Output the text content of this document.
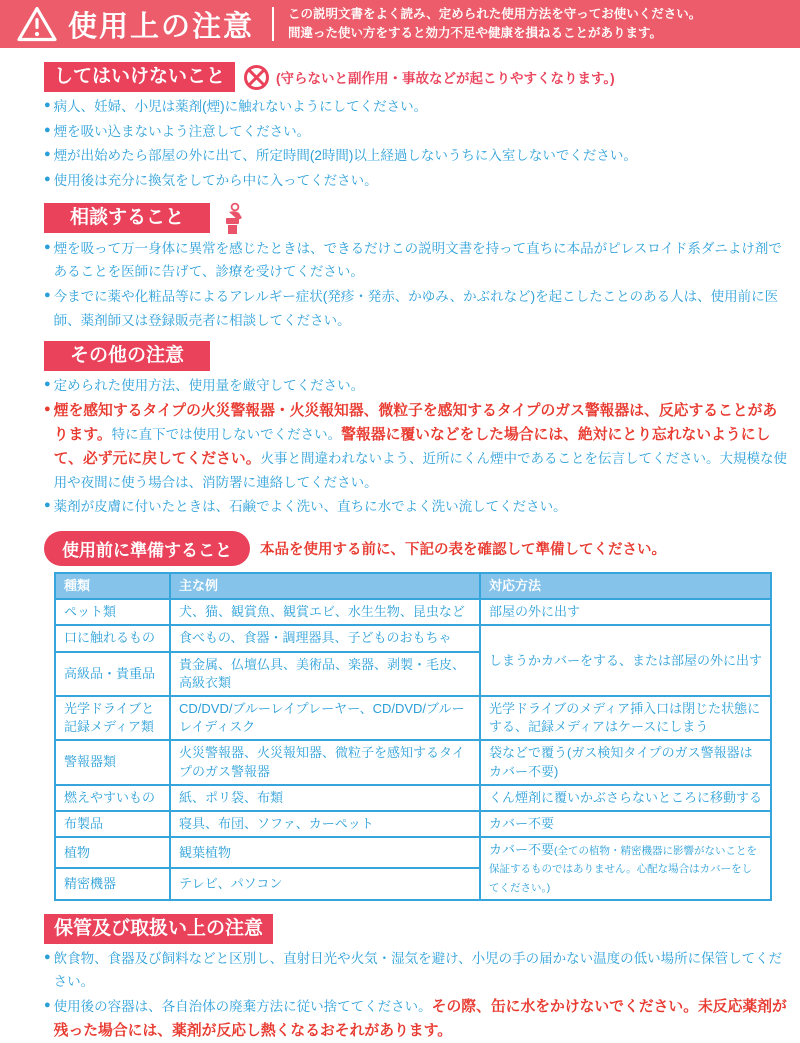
使用上の注意	この説明文書をよく読み、定められた使用方法を守ってお使いください。
間違った使い方をすると効力不足や健康を損ねることがあります。
してはいけないこと	(守らないと副作用・事故などが起こりやすくなります。)
● 病人、妊婦、小児は薬剤(煙)に触れないようにしてください。
● 煙を吸い込まないよう注意してください。
● 煙が出始めたら部屋の外に出て、所定時間(2時間)以上経過しないうちに入室しないでください。
● 使用後は充分に換気をしてから中に入ってください。
相談すること
● 煙を吸って万一身体に異常を感じたときは、できるだけこの説明文書を持って直ちに本品がピレスロイド系ダニよけ剤であることを医師に告げて、診療を受けてください。
● 今までに薬や化粧品等によるアレルギー症状(発疹・発赤、かゆみ、かぶれなど)を起こしたことのある人は、使用前に医師、薬剤師又は登録販売者に相談してください。
その他の注意
● 定められた使用方法、使用量を厳守してください。
● 煙を感知するタイプの火災警報器・火災報知器、微粒子を感知するタイプのガス警報器は、反応することがあります。特に直下では使用しないでください。警報器に覆いなどをした場合には、絶対にとり忘れないようにして、必ず元に戻してください。火事と間違われないよう、近所にくん煙中であることを伝言してください。大規模な使用や夜間に使う場合は、消防署に連絡してください。
● 薬剤が皮膚に付いたときは、石鹸でよく洗い、直ちに水でよく洗い流してください。
使用前に準備すること	本品を使用する前に、下記の表を確認して準備してください。
種類	主な例	対応方法
ペット類	犬、猫、観賞魚、観賞エビ、水生生物、昆虫など	部屋の外に出す
口に触れるもの	食べもの、食器・調理器具、子どものおもちゃ	しまうかカバーをする、または部屋の外に出す
高級品・貴重品	貴金属、仏壇仏具、美術品、楽器、剥製・毛皮、高級衣類	
光学ドライブと記録メディア類	CD/DVD/ブルーレイプレーヤー、CD/DVD/ブルーレイディスク	光学ドライブのメディア挿入口は閉じた状態にする、記録メディアはケースにしまう
警報器類	火災警報器、火災報知器、微粒子を感知するタイプのガス警報器	袋などで覆う(ガス検知タイプのガス警報器はカバー不要)
燃えやすいもの	紙、ポリ袋、布類	くん煙剤に覆いかぶさらないところに移動する
布製品	寝具、布団、ソファ、カーペット	カバー不要
植物	観葉植物	カバー不要(全ての植物・精密機器に影響がないことを保証するものではありません。心配な場合はカバーをしてください。)
精密機器	テレビ、パソコン	
保管及び取扱い上の注意
● 飲食物、食器及び飼料などと区別し、直射日光や火気・湿気を避け、小児の手の届かない温度の低い場所に保管してください。
● 使用後の容器は、各自治体の廃棄方法に従い捨ててください。その際、缶に水をかけないでください。未反応薬剤が残った場合には、薬剤が反応し熱くなるおそれがあります。
